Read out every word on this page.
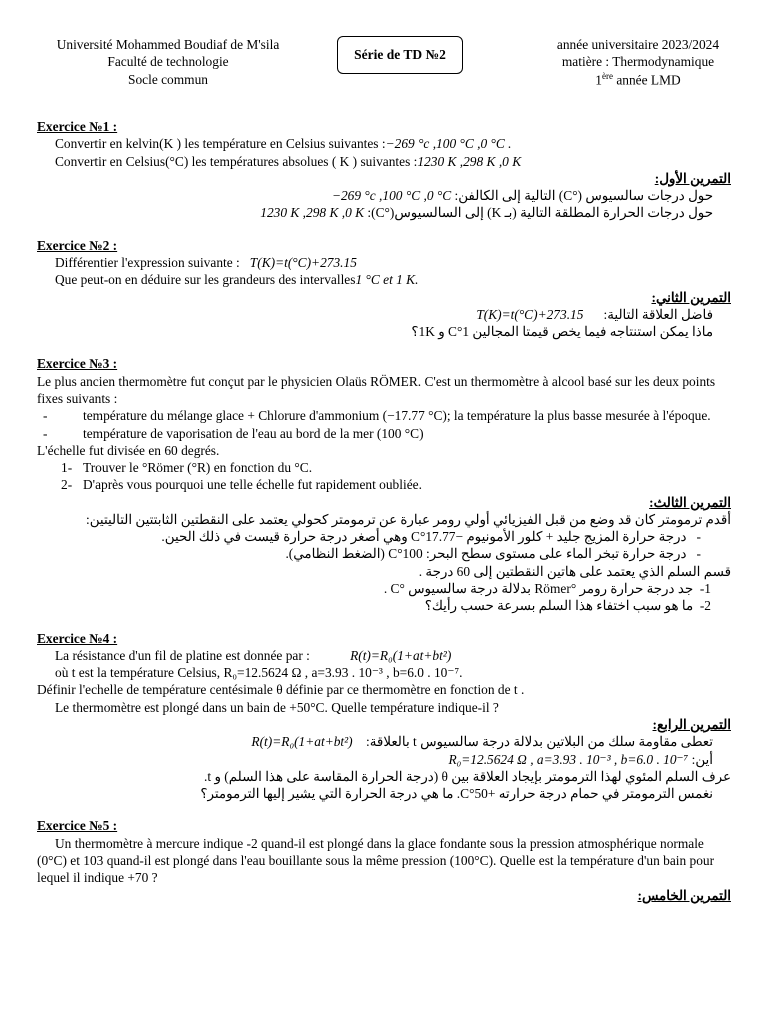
Université Mohammed Boudiaf de M'sila
Faculté de technologie
Socle commun
Série de TD №2
année universitaire 2023/2024
matière : Thermodynamique
1ère année LMD
Exercice №1 :
Convertir en kelvin(K ) les température en Celsius suivantes :−269 °c ,100 °C ,0 °C .
Convertir en Celsius(°C) les températures absolues ( K ) suivantes :1230 K ,298 K ,0 K
التمرين الأول:
حول درجات سالسيوس (°C) التالية إلى الكالفن: −269 °c ,100 °C ,0 °C
حول درجات الحرارة المطلقة التالية (بـ K) إلى السالسيوس(°C): 1230 K ,298 K ,0 K
Exercice №2 :
Différentier l'expression suivante : T(K)=t(°C)+273.15
Que peut-on en déduire sur les grandeurs des intervalles1 °C et 1 K.
التمرين الثاني:
فاضل العلاقة التالية:      T(K)=t(°C)+273.15
ماذا يمكن استنتاجه فيما يخص قيمتا المجالين 1°C و 1K؟
Exercice №3 :
Le plus ancien thermomètre fut conçut par le physicien Olaüs RÖMER. C'est un thermomètre à alcool basé sur les deux points fixes suivants :
-	température du mélange glace + Chlorure d'ammonium (−17.77 °C); la température la plus basse mesurée à l'époque.
-	température de vaporisation de l'eau au bord de la mer (100 °C)
L'échelle fut divisée en 60 degrés.
1- Trouver le °Römer (°R) en fonction du °C.
2- D'après vous pourquoi une telle échelle fut rapidement oubliée.
التمرين الثالث:
أقدم ترمومتر كان قد وضع من قبل الفيزيائي أولي رومر عبارة عن ترمومتر كحولي يعتمد على النقطتين الثابتتين التاليتين:
-   درجة حرارة المزيج جليد + كلور الأمونيوم −17.77°C وهي أصغر درجة حرارة قيست في ذلك الحين.
-   درجة حرارة تبخر الماء على مستوى سطح البحر: 100°C (الضغط النظامي).
قسم السلم الذي يعتمد على هاتين النقطتين إلى 60 درجة .
1-  جد درجة حرارة رومر °Römer بدلالة درجة سالسيوس °C .
2-  ما هو سبب اختفاء هذا السلم بسرعة حسب رأيك؟
Exercice №4 :
La résistance d'un fil de platine est donnée par :	R(t)=R₀(1+at+bt²)
où t est la température Celsius, R₀=12.5624 Ω , a=3.93 . 10⁻³ , b=6.0 . 10⁻⁷.
Définir l'echelle de température centésimale θ définie par ce thermomètre en fonction de t .
Le thermomètre est plongé dans un bain de +50°C. Quelle température indique-il ?
التمرين الرابع:
تعطى مقاومة سلك من البلاتين بدلالة درجة سالسيوس t بالعلاقة:    R(t)=R₀(1+at+bt²)
أين: R₀=12.5624 Ω , a=3.93 . 10⁻³ , b=6.0 . 10⁻⁷
عرف السلم المئوي لهذا الترمومتر بإيجاد العلاقة بين θ (درجة الحرارة المقاسة على هذا السلم) و t.
نغمس الترمومتر في حمام درجة حرارته +50°C. ما هي درجة الحرارة التي يشير إليها الترمومتر؟
Exercice №5 :
Un thermomètre à mercure indique -2 quand-il est plongé dans la glace fondante sous la pression atmosphérique normale (0°C) et 103 quand-il est plongé dans l'eau bouillante sous la même pression (100°C). Quelle est la température d'un bain pour lequel il indique +70 ?
التمرين الخامس:
